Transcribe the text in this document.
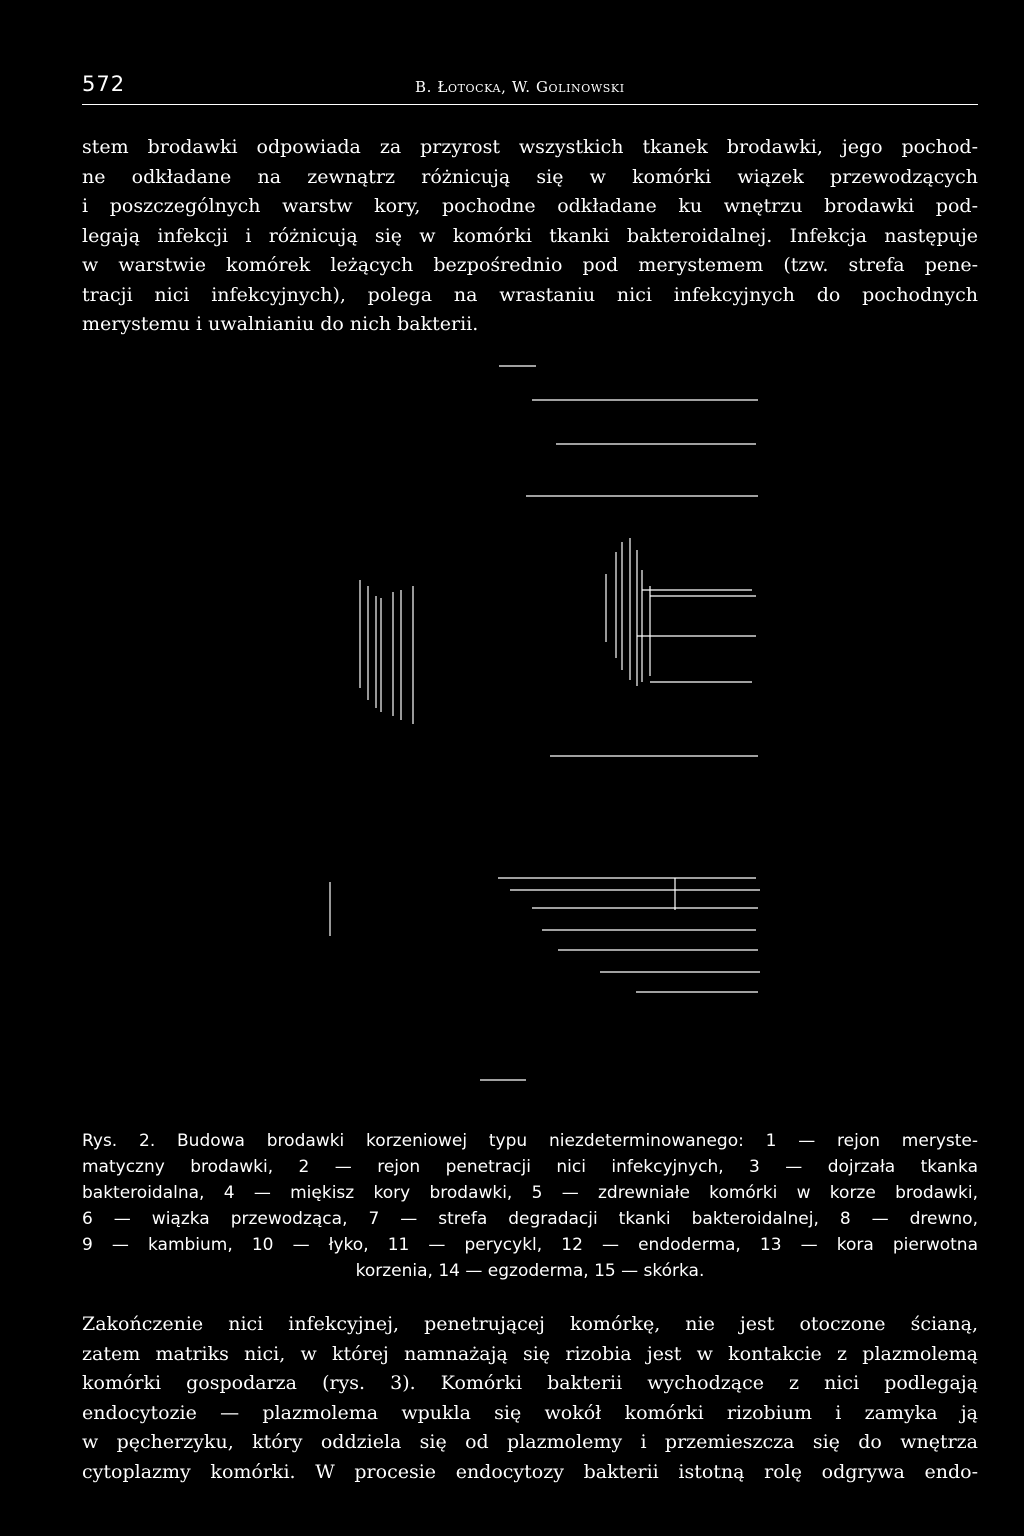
572	B. Łotocka, W. Golinowski

stem brodawki odpowiada za przyrost wszystkich tkanek brodawki, jego pochod-
ne odkładane na zewnątrz różnicują się w komórki wiązek przewodzących
i poszczególnych warstw kory, pochodne odkładane ku wnętrzu brodawki pod-
legają infekcji i różnicują się w komórki tkanki bakteroidalnej. Infekcja następuje
w warstwie komórek leżących bezpośrednio pod merystemem (tzw. strefa pene-
tracji nici infekcyjnych), polega na wrastaniu nici infekcyjnych do pochodnych
merystemu i uwalnianiu do nich bakterii.

Rys. 2. Budowa brodawki korzeniowej typu niezdeterminowanego: 1 — rejon meryste-
matyczny brodawki, 2 — rejon penetracji nici infekcyjnych, 3 — dojrzała tkanka
bakteroidalna, 4 — miękisz kory brodawki, 5 — zdrewniałe komórki w korze brodawki,
6 — wiązka przewodząca, 7 — strefa degradacji tkanki bakteroidalnej, 8 — drewno,
9 — kambium, 10 — łyko, 11 — perycykl, 12 — endoderma, 13 — kora pierwotna
korzenia, 14 — egzoderma, 15 — skórka.

Zakończenie nici infekcyjnej, penetrującej komórkę, nie jest otoczone ścianą,
zatem matriks nici, w której namnażają się rizobia jest w kontakcie z plazmolemą
komórki gospodarza (rys. 3). Komórki bakterii wychodzące z nici podlegają
endocytozie — plazmolema wpukla się wokół komórki rizobium i zamyka ją
w pęcherzyku, który oddziela się od plazmolemy i przemieszcza się do wnętrza
cytoplazmy komórki. W procesie endocytozy bakterii istotną rolę odgrywa endo-
